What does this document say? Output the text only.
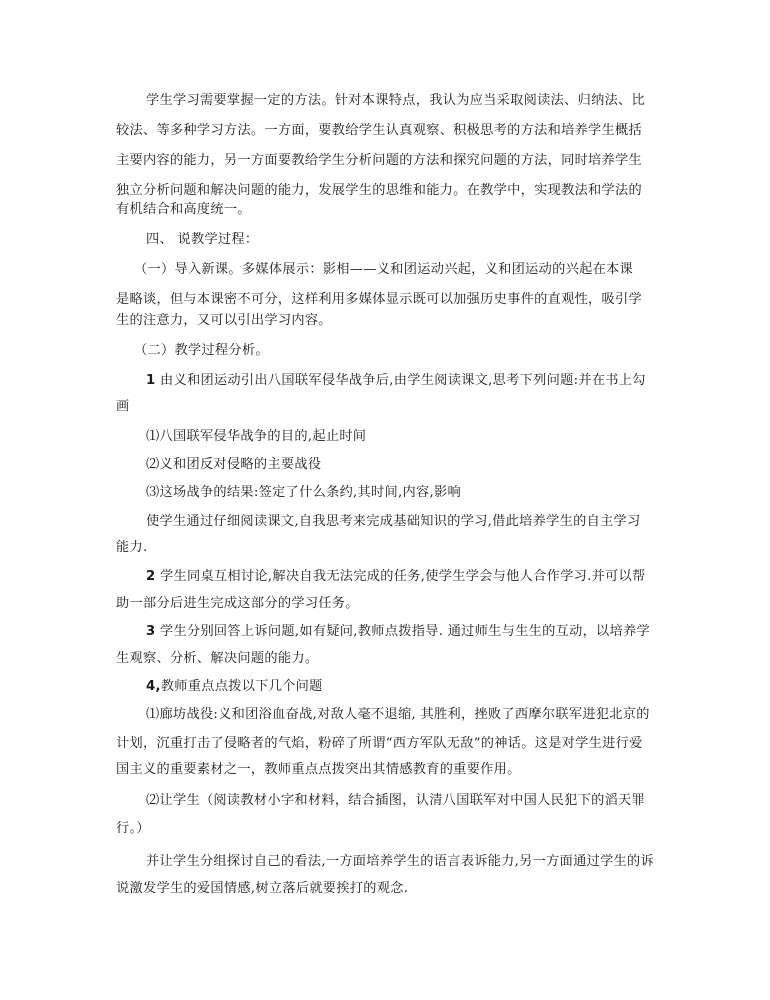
学生学习需要掌握一定的方法。针对本课特点，我认为应当采取阅读法、归纳法、比
较法、等多种学习方法。一方面，要教给学生认真观察、积极思考的方法和培养学生概括
主要内容的能力，另一方面要教给学生分析问题的方法和探究问题的方法，同时培养学生
独立分析问题和解决问题的能力，发展学生的思维和能力。在教学中，实现教法和学法的
有机结合和高度统一。
四、 说教学过程：
（一）导入新课。多媒体展示：影相——义和团运动兴起，义和团运动的兴起在本课
是略谈，但与本课密不可分，这样利用多媒体显示既可以加强历史事件的直观性，吸引学
生的注意力，又可以引出学习内容。
（二）教学过程分析。
1 由义和团运动引出八国联军侵华战争后,由学生阅读课文,思考下列问题:并在书上勾
画
⑴八国联军侵华战争的目的,起止时间
⑵义和团反对侵略的主要战役
⑶这场战争的结果:签定了什么条约,其时间,内容,影响
使学生通过仔细阅读课文,自我思考来完成基础知识的学习,借此培养学生的自主学习
能力.
2 学生同桌互相讨论,解决自我无法完成的任务,使学生学会与他人合作学习.并可以帮
助一部分后进生完成这部分的学习任务。
3 学生分别回答上诉问题,如有疑问,教师点拨指导. 通过师生与生生的互动，以培养学
生观察、分析、解决问题的能力。
4,教师重点点拨以下几个问题
⑴廊坊战役:义和团浴血奋战,对敌人毫不退缩, 其胜利，挫败了西摩尔联军进犯北京的
计划，沉重打击了侵略者的气焰，粉碎了所谓“西方军队无敌”的神话。这是对学生进行爱
国主义的重要素材之一，教师重点点拨突出其情感教育的重要作用。
⑵让学生（阅读教材小字和材料，结合插图，认清八国联军对中国人民犯下的滔天罪
行。）
并让学生分组探讨自己的看法,一方面培养学生的语言表诉能力,另一方面通过学生的诉
说激发学生的爱国情感,树立落后就要挨打的观念.
